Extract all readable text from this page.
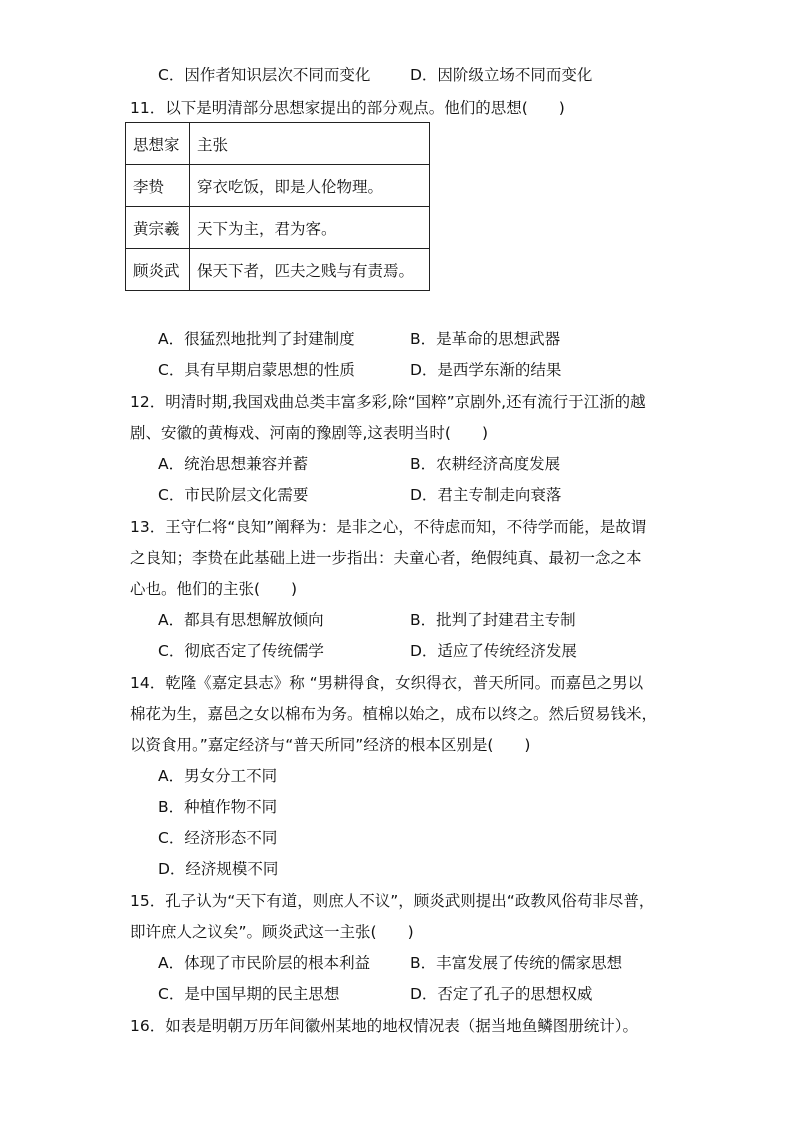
C．因作者知识层次不同而变化	D．因阶级立场不同而变化
11．以下是明清部分思想家提出的部分观点。他们的思想(　　)
思想家	主张
李贽	穿衣吃饭，即是人伦物理。
黄宗羲	天下为主，君为客。
顾炎武	保天下者，匹夫之贱与有责焉。
A．很猛烈地批判了封建制度	B．是革命的思想武器
C．具有早期启蒙思想的性质	D．是西学东渐的结果
12．明清时期,我国戏曲总类丰富多彩,除“国粹”京剧外,还有流行于江浙的越
剧、安徽的黄梅戏、河南的豫剧等,这表明当时(　　)
A．统治思想兼容并蓄	B．农耕经济高度发展
C．市民阶层文化需要	D．君主专制走向衰落
13．王守仁将“良知”阐释为：是非之心，不待虑而知，不待学而能，是故谓
之良知；李贽在此基础上进一步指出：夫童心者，绝假纯真、最初一念之本
心也。他们的主张(　　)
A．都具有思想解放倾向	B．批判了封建君主专制
C．彻底否定了传统儒学	D．适应了传统经济发展
14．乾隆《嘉定县志》称 “男耕得食，女织得衣，普天所同。而嘉邑之男以
棉花为生，嘉邑之女以棉布为务。植棉以始之，成布以终之。然后贸易钱米，
以资食用。”嘉定经济与“普天所同”经济的根本区别是(　　)
A．男女分工不同
B．种植作物不同
C．经济形态不同
D．经济规模不同
15．孔子认为“天下有道，则庶人不议”，顾炎武则提出“政教风俗苟非尽普，
即许庶人之议矣”。顾炎武这一主张(　　)
A．体现了市民阶层的根本利益	B．丰富发展了传统的儒家思想
C．是中国早期的民主思想	D．否定了孔子的思想权威
16．如表是明朝万历年间徽州某地的地权情况表（据当地鱼鳞图册统计）。
